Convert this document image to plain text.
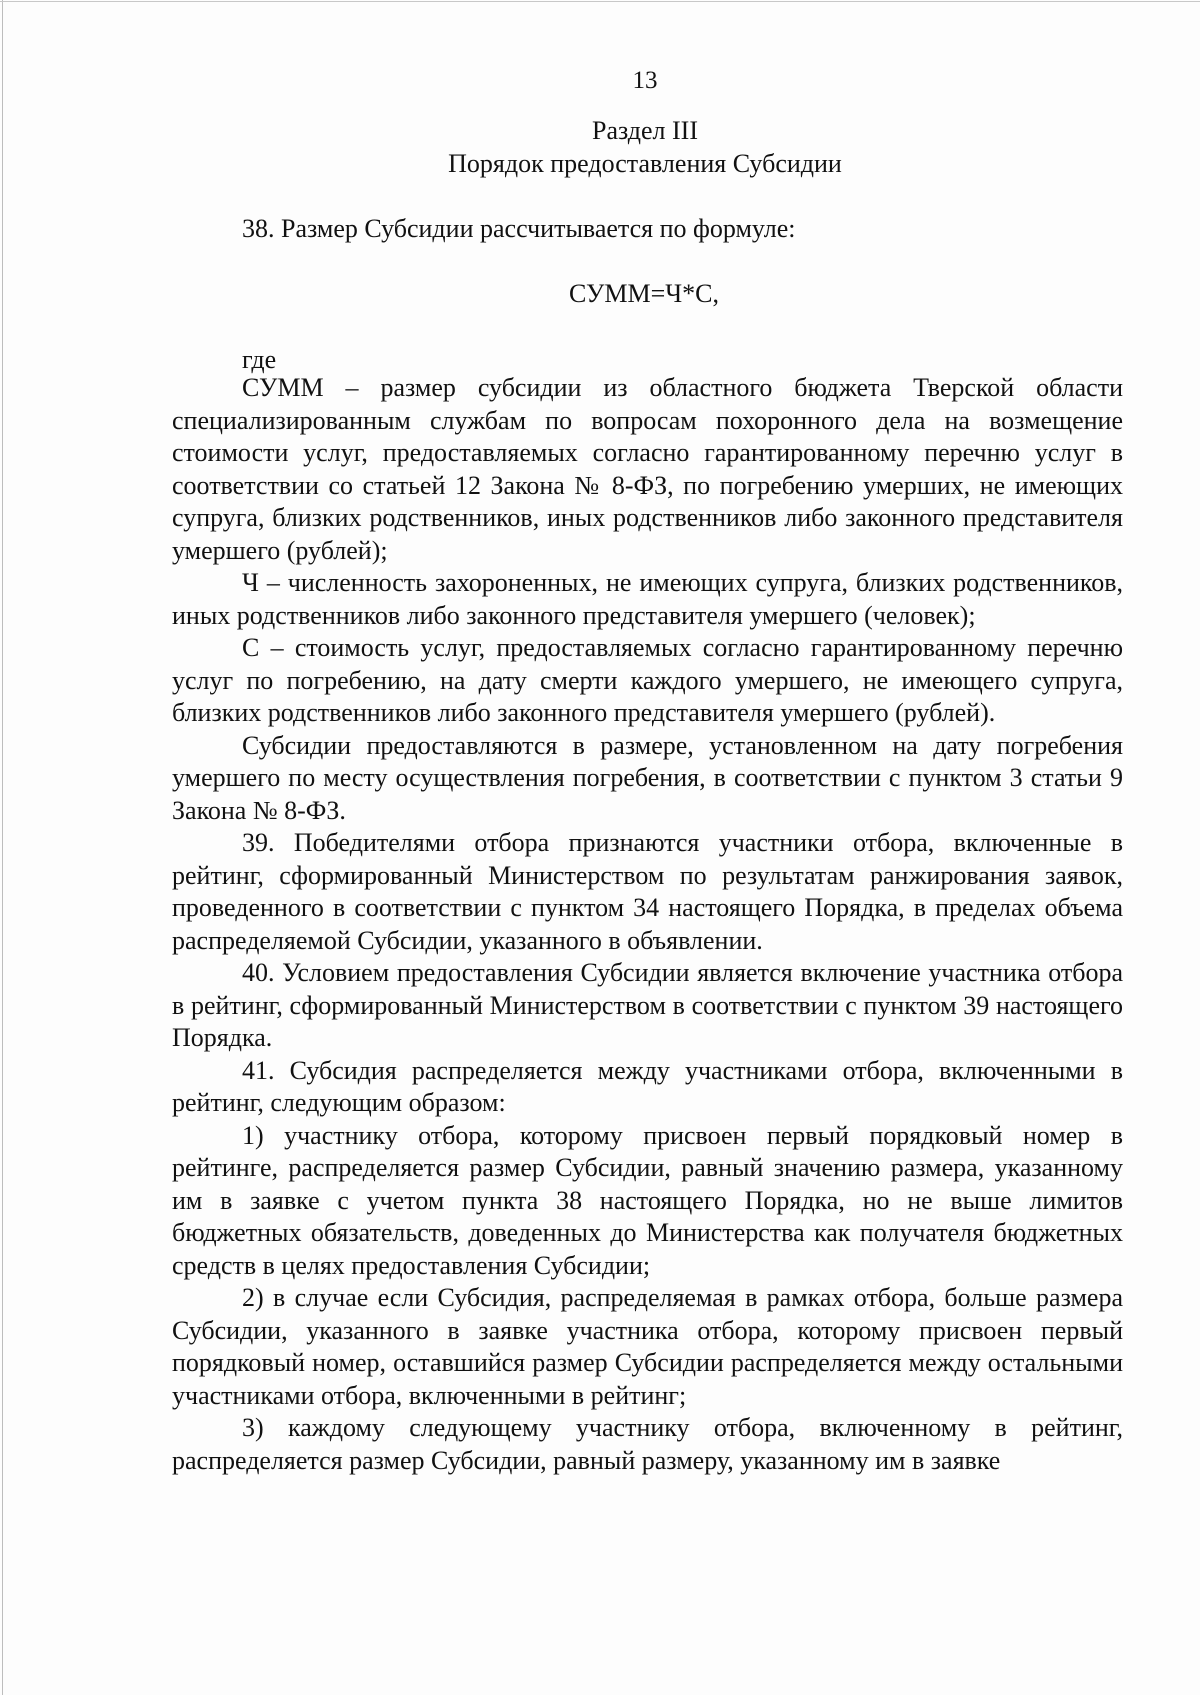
13
Раздел III
Порядок предоставления Субсидии
38. Размер Субсидии рассчитывается по формуле:
СУММ=Ч*С,
где

СУММ – размер субсидии из областного бюджета Тверской области специализированным службам по вопросам похоронного дела на возмещение стоимости услуг, предоставляемых согласно гарантированному перечню услуг в соответствии со статьей 12 Закона № 8-ФЗ, по погребению умерших, не имеющих супруга, близких родственников, иных родственников либо законного представителя умершего (рублей);

Ч – численность захороненных, не имеющих супруга, близких родственников, иных родственников либо законного представителя умершего (человек);

С – стоимость услуг, предоставляемых согласно гарантированному перечню услуг по погребению, на дату смерти каждого умершего, не имеющего супруга, близких родственников либо законного представителя умершего (рублей).

Субсидии предоставляются в размере, установленном на дату погребения умершего по месту осуществления погребения, в соответствии с пунктом 3 статьи 9 Закона № 8-ФЗ.

39. Победителями отбора признаются участники отбора, включенные в рейтинг, сформированный Министерством по результатам ранжирования заявок, проведенного в соответствии с пунктом 34 настоящего Порядка, в пределах объема распределяемой Субсидии, указанного в объявлении.

40. Условием предоставления Субсидии является включение участника отбора в рейтинг, сформированный Министерством в соответствии с пунктом 39 настоящего Порядка.

41. Субсидия распределяется между участниками отбора, включенными в рейтинг, следующим образом:

1) участнику отбора, которому присвоен первый порядковый номер в рейтинге, распределяется размер Субсидии, равный значению размера, указанному им в заявке с учетом пункта 38 настоящего Порядка, но не выше лимитов бюджетных обязательств, доведенных до Министерства как получателя бюджетных средств в целях предоставления Субсидии;

2) в случае если Субсидия, распределяемая в рамках отбора, больше размера Субсидии, указанного в заявке участника отбора, которому присвоен первый порядковый номер, оставшийся размер Субсидии распределяется между остальными участниками отбора, включенными в рейтинг;

3) каждому следующему участнику отбора, включенному в рейтинг, распределяется размер Субсидии, равный размеру, указанному им в заявке
